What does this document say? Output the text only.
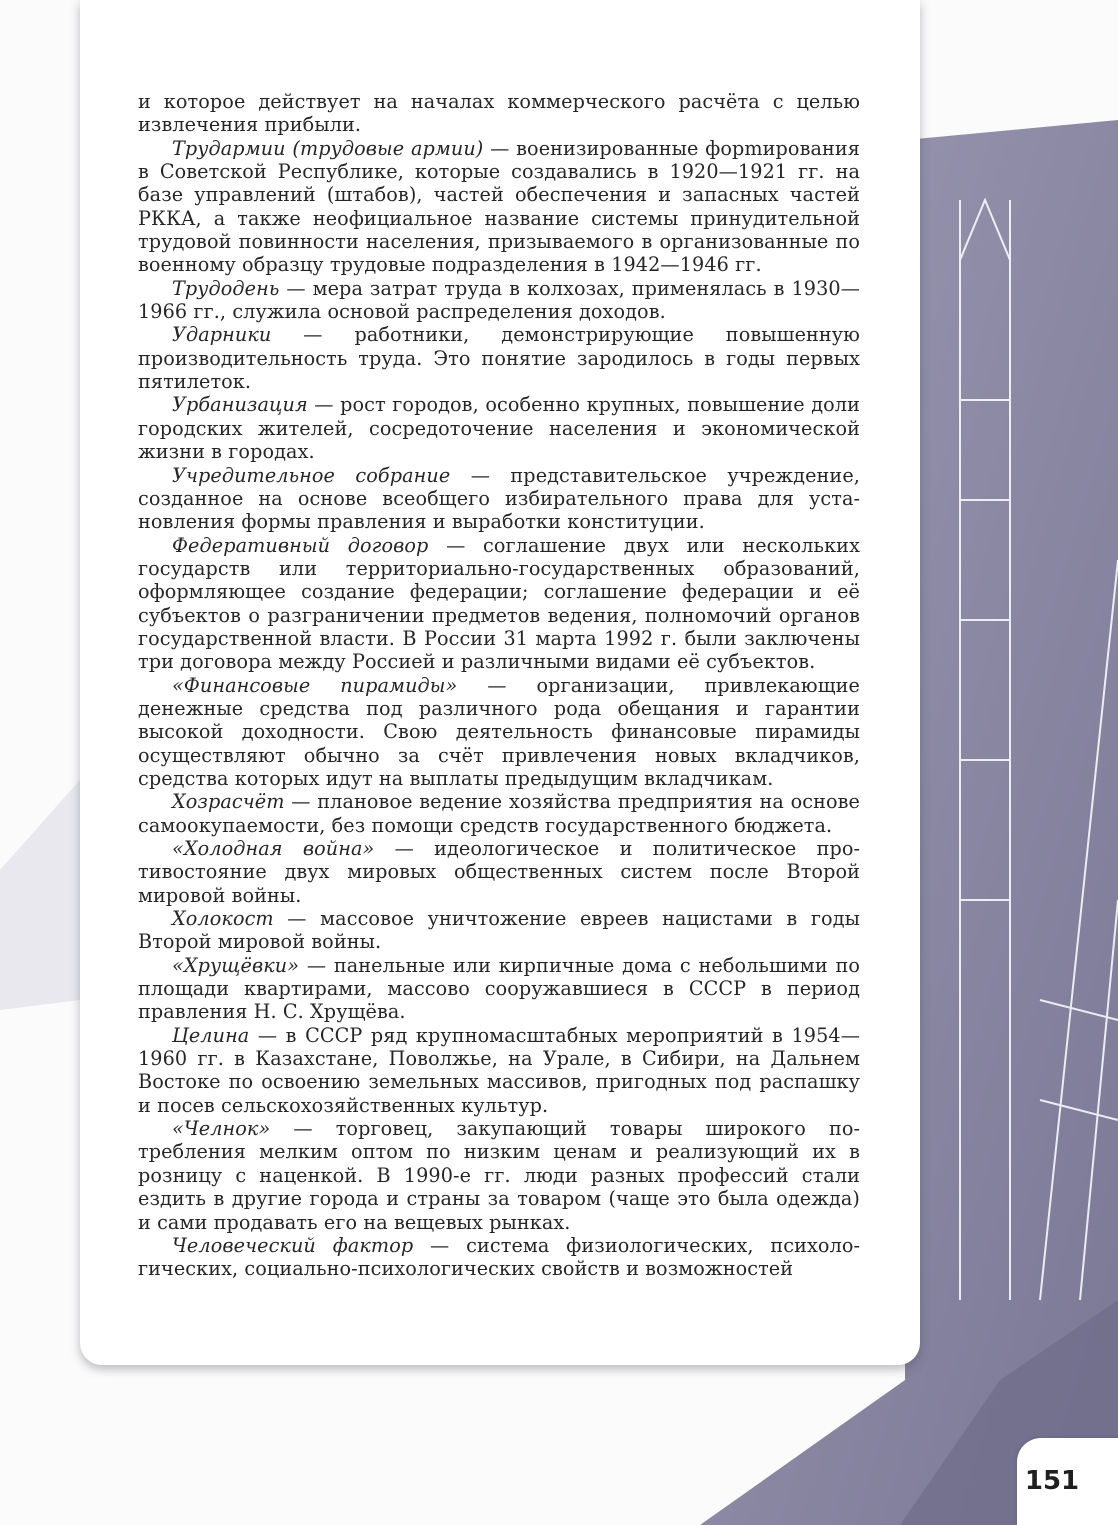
и которое действует на началах коммерческого расчёта с целью извлечения прибыли.

Трудармии (трудовые армии) — военизированные форmирования в Советской Республике, которые создавались в 1920—1921 гг. на базе управлений (штабов), частей обеспечения и запасных частей РККА, а также неофициальное название системы принудительной трудовой повинности населения, призываемого в организованные по военному образцу трудовые подразделения в 1942—1946 гг.

Трудодень — мера затрат труда в колхозах, применялась в 1930—1966 гг., служила основой распределения доходов.

Ударники — работники, демонстрирующие повышенную производительность труда. Это понятие зародилось в годы первых пятилеток.

Урбанизация — рост городов, особенно крупных, повышение доли городских жителей, сосредоточение населения и экономической жизни в городах.

Учредительное собрание — представительское учреждение, созданное на основе всеобщего избирательного права для установления формы правления и выработки конституции.

Федеративный договор — соглашение двух или нескольких государств или территориально-государственных образований, оформляющее создание федерации; соглашение федерации и её субъектов о разграничении предметов ведения, полномочий органов государственной власти. В России 31 марта 1992 г. были заключены три договора между Россией и различными видами её субъектов.

«Финансовые пирамиды» — организации, привлекающие денежные средства под различного рода обещания и гарантии высокой доходности. Свою деятельность финансовые пирамиды осуществляют обычно за счёт привлечения новых вкладчиков, средства которых идут на выплаты предыдущим вкладчикам.

Хозрасчёт — плановое ведение хозяйства предприятия на основе самоокупаемости, без помощи средств государственного бюджета.

«Холодная война» — идеологическое и политическое противостояние двух мировых общественных систем после Второй мировой войны.

Холокост — массовое уничтожение евреев нацистами в годы Второй мировой войны.

«Хрущёвки» — панельные или кирпичные дома с небольшими по площади квартирами, массово сооружавшиеся в СССР в период правления Н. С. Хрущёва.

Целина — в СССР ряд крупномасштабных мероприятий в 1954—1960 гг. в Казахстане, Поволжье, на Урале, в Сибири, на Дальнем Востоке по освоению земельных массивов, пригодных под распашку и посев сельскохозяйственных культур.

«Челнок» — торговец, закупающий товары широкого потребления мелким оптом по низким ценам и реализующий их в розницу с наценкой. В 1990-е гг. люди разных профессий стали ездить в другие города и страны за товаром (чаще это была одежда) и сами продавать его на вещевых рынках.

Человеческий фактор — система физиологических, психологических, социально-психологических свойств и возможностей

151
